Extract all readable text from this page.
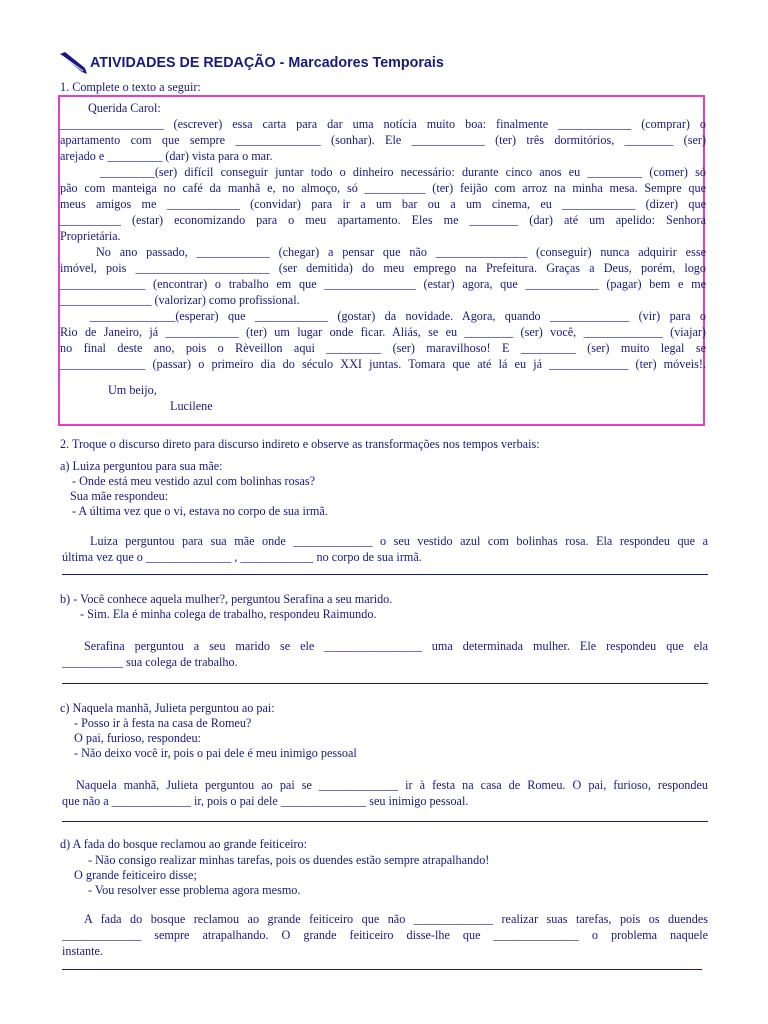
ATIVIDADES DE REDAÇÃO - Marcadores Temporais
1. Complete o texto a seguir:
Querida Carol:
_________________ (escrever) essa carta para dar uma notícia muito boa: finalmente ____________ (comprar) o
apartamento com que sempre ______________ (sonhar). Ele ____________ (ter) três dormitórios, ________ (ser)
arejado e _________ (dar) vista para o mar.
_________(ser) difícil conseguir juntar todo o dinheiro necessário: durante cinco anos eu _________ (comer) só
pão com manteiga no café da manhã e, no almoço, só __________ (ter) feijão com arroz na minha mesa. Sempre que
meus amigos me ____________ (convidar) para ir a um bar ou a um cinema, eu ____________ (dizer) que
__________ (estar) economizando para o meu apartamento. Eles me ________ (dar) até um apelido: Senhora
Proprietária.
No ano passado, ____________ (chegar) a pensar que não _______________ (conseguir) nunca adquirir esse
imóvel, pois ______________________ (ser demitida) do meu emprego na Prefeitura. Graças a Deus, porém, logo
______________ (encontrar) o trabalho em que _______________ (estar) agora, que ____________ (pagar) bem e me
_______________ (valorizar) como profissional.
______________(esperar) que ____________ (gostar) da novidade. Agora, quando _____________ (vir) para o
Rio de Janeiro, já ____________ (ter) um lugar onde ficar. Aliás, se eu ________ (ser) você, _____________ (viajar)
no final deste ano, pois o Rèveillon aqui _________ (ser) maravilhoso! E _________ (ser) muito legal se
______________ (passar) o primeiro dia do século XXI juntas. Tomara que até lá eu já _____________ (ter) móveis!.
Um beijo,
Lucilene
2. Troque o discurso direto para discurso indireto e observe as transformações nos tempos verbais:
a) Luiza perguntou para sua mãe:
- Onde está meu vestido azul com bolinhas rosas?
Sua mãe respondeu:
- A última vez que o vi, estava no corpo de sua irmã.
Luiza perguntou para sua mãe onde _____________ o seu vestido azul com bolinhas rosa. Ela respondeu que a
última vez que o ______________ , ____________ no corpo de sua irmã.
b) - Você conhece aquela mulher?, perguntou Serafina a seu marido.
- Sim. Ela é minha colega de trabalho, respondeu Raimundo.
Serafina perguntou a seu marido se ele ________________ uma determinada mulher. Ele respondeu que ela
__________ sua colega de trabalho.
c) Naquela manhã, Julieta perguntou ao pai:
- Posso ir à festa na casa de Romeu?
O pai, furioso, respondeu:
- Não deixo você ir, pois o pai dele é meu inimigo pessoal
Naquela manhã, Julieta perguntou ao pai se _____________ ir à festa na casa de Romeu. O pai, furioso, respondeu
que não a _____________ ir, pois o pai dele ______________ seu inimigo pessoal.
d) A fada do bosque reclamou ao grande feiticeiro:
- Não consigo realizar minhas tarefas, pois os duendes estão sempre atrapalhando!
O grande feiticeiro disse;
- Vou resolver esse problema agora mesmo.
A fada do bosque reclamou ao grande feiticeiro que não _____________ realizar suas tarefas, pois os duendes
_____________ sempre atrapalhando. O grande feiticeiro disse-lhe que ______________ o problema naquele
instante.
